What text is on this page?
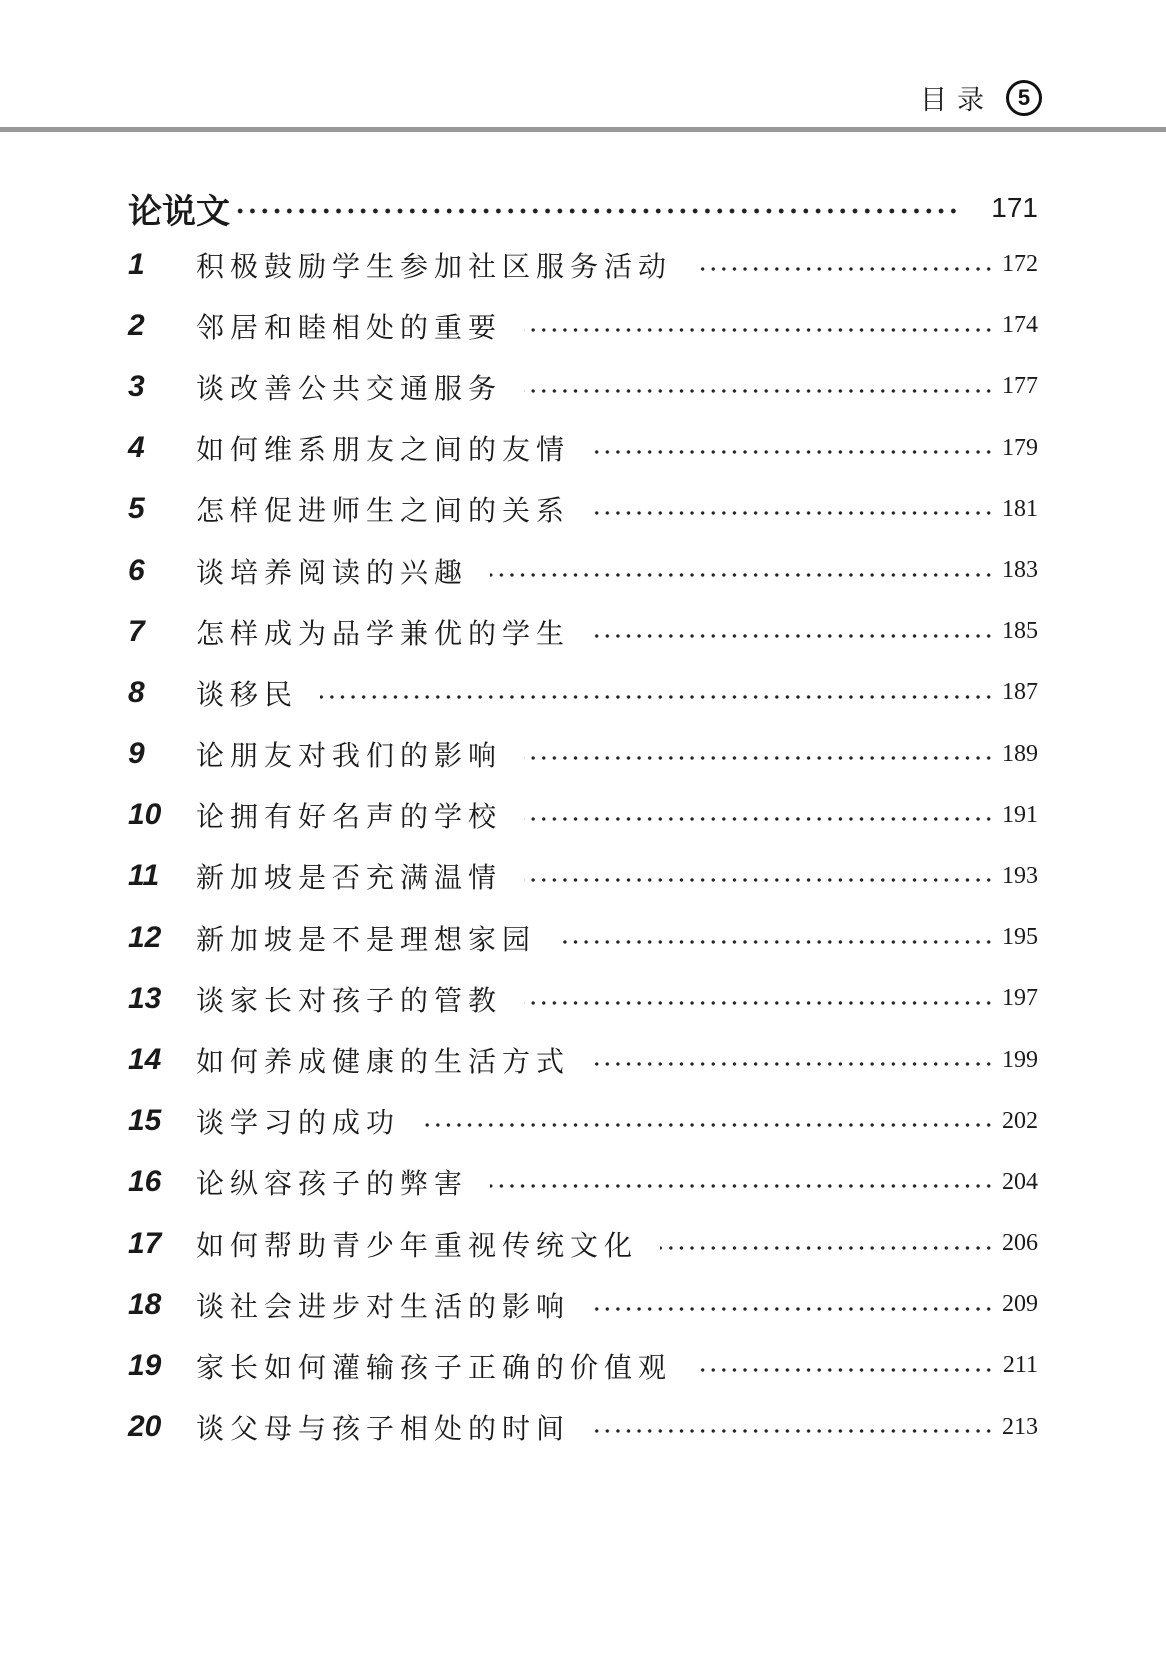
目录	5
论说文	171
1	积极鼓励学生参加社区服务活动	172
2	邻居和睦相处的重要	174
3	谈改善公共交通服务	177
4	如何维系朋友之间的友情	179
5	怎样促进师生之间的关系	181
6	谈培养阅读的兴趣	183
7	怎样成为品学兼优的学生	185
8	谈移民	187
9	论朋友对我们的影响	189
10	论拥有好名声的学校	191
11	新加坡是否充满温情	193
12	新加坡是不是理想家园	195
13	谈家长对孩子的管教	197
14	如何养成健康的生活方式	199
15	谈学习的成功	202
16	论纵容孩子的弊害	204
17	如何帮助青少年重视传统文化	206
18	谈社会进步对生活的影响	209
19	家长如何灌输孩子正确的价值观	211
20	谈父母与孩子相处的时间	213
